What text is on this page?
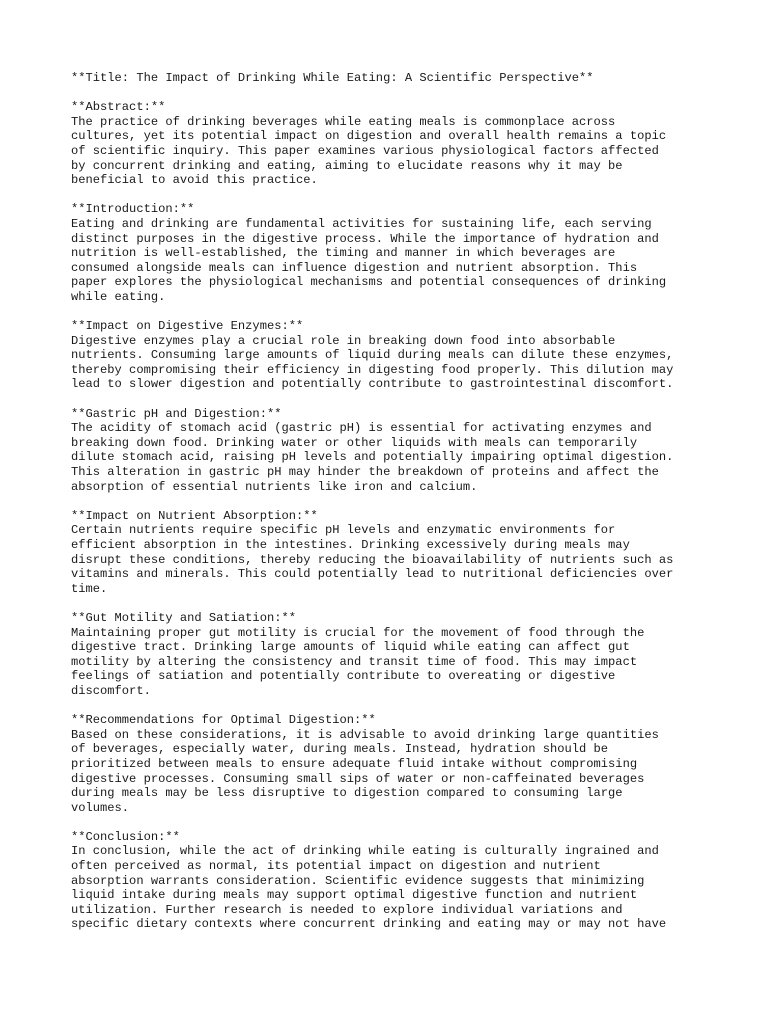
**Title: The Impact of Drinking While Eating: A Scientific Perspective**
**Abstract:**
The practice of drinking beverages while eating meals is commonplace across
cultures, yet its potential impact on digestion and overall health remains a topic
of scientific inquiry. This paper examines various physiological factors affected
by concurrent drinking and eating, aiming to elucidate reasons why it may be
beneficial to avoid this practice.
**Introduction:**
Eating and drinking are fundamental activities for sustaining life, each serving
distinct purposes in the digestive process. While the importance of hydration and
nutrition is well-established, the timing and manner in which beverages are
consumed alongside meals can influence digestion and nutrient absorption. This
paper explores the physiological mechanisms and potential consequences of drinking
while eating.
**Impact on Digestive Enzymes:**
Digestive enzymes play a crucial role in breaking down food into absorbable
nutrients. Consuming large amounts of liquid during meals can dilute these enzymes,
thereby compromising their efficiency in digesting food properly. This dilution may
lead to slower digestion and potentially contribute to gastrointestinal discomfort.
**Gastric pH and Digestion:**
The acidity of stomach acid (gastric pH) is essential for activating enzymes and
breaking down food. Drinking water or other liquids with meals can temporarily
dilute stomach acid, raising pH levels and potentially impairing optimal digestion.
This alteration in gastric pH may hinder the breakdown of proteins and affect the
absorption of essential nutrients like iron and calcium.
**Impact on Nutrient Absorption:**
Certain nutrients require specific pH levels and enzymatic environments for
efficient absorption in the intestines. Drinking excessively during meals may
disrupt these conditions, thereby reducing the bioavailability of nutrients such as
vitamins and minerals. This could potentially lead to nutritional deficiencies over
time.
**Gut Motility and Satiation:**
Maintaining proper gut motility is crucial for the movement of food through the
digestive tract. Drinking large amounts of liquid while eating can affect gut
motility by altering the consistency and transit time of food. This may impact
feelings of satiation and potentially contribute to overeating or digestive
discomfort.
**Recommendations for Optimal Digestion:**
Based on these considerations, it is advisable to avoid drinking large quantities
of beverages, especially water, during meals. Instead, hydration should be
prioritized between meals to ensure adequate fluid intake without compromising
digestive processes. Consuming small sips of water or non-caffeinated beverages
during meals may be less disruptive to digestion compared to consuming large
volumes.
**Conclusion:**
In conclusion, while the act of drinking while eating is culturally ingrained and
often perceived as normal, its potential impact on digestion and nutrient
absorption warrants consideration. Scientific evidence suggests that minimizing
liquid intake during meals may support optimal digestive function and nutrient
utilization. Further research is needed to explore individual variations and
specific dietary contexts where concurrent drinking and eating may or may not have
